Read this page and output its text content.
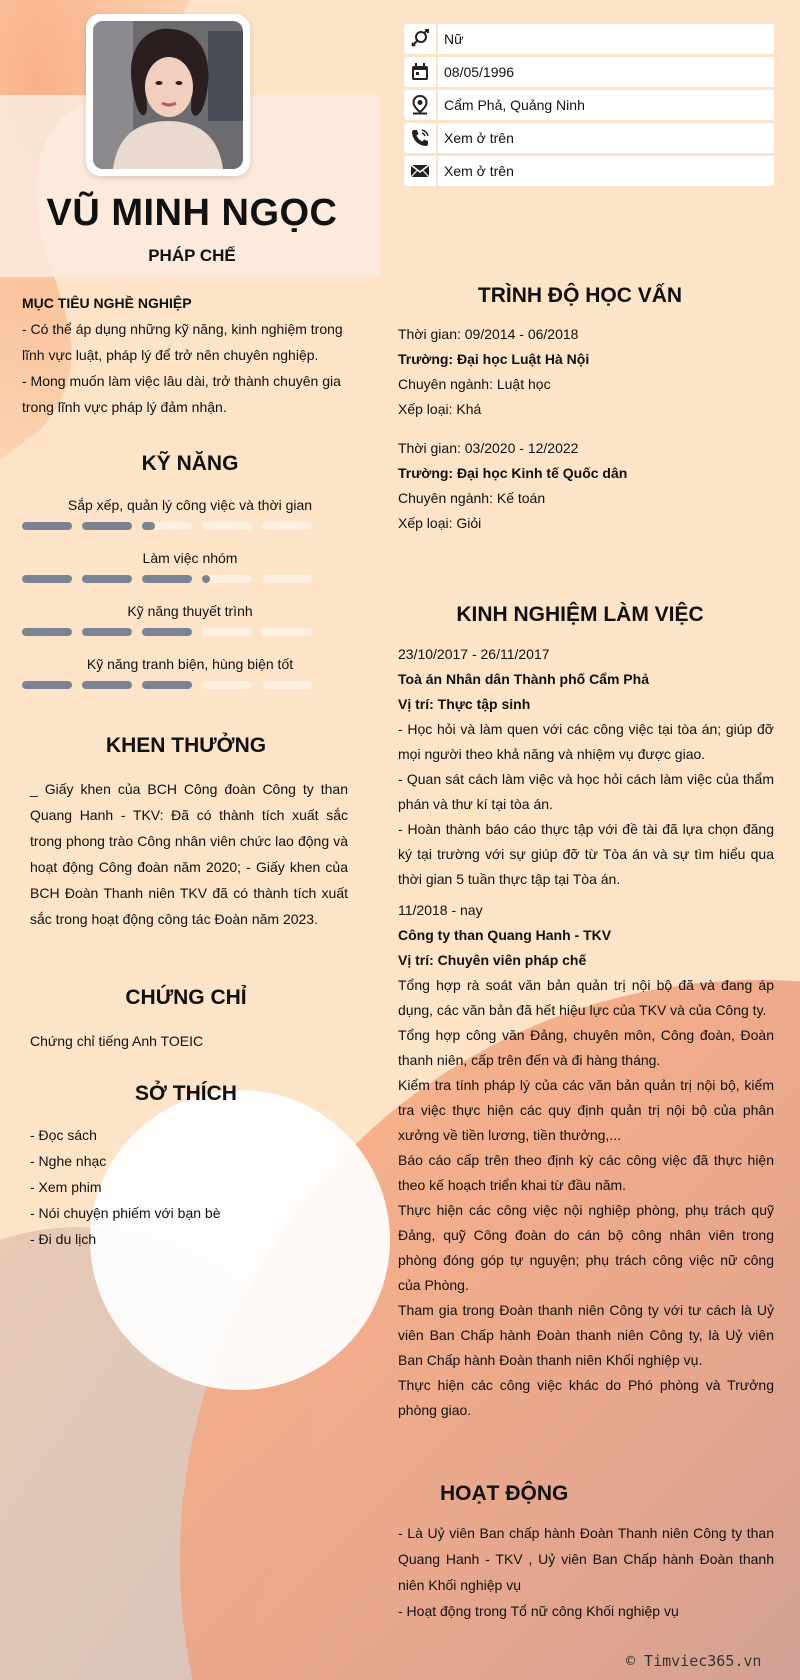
VŨ MINH NGỌC
PHÁP CHẾ
Nữ
08/05/1996
Cẩm Phả, Quảng Ninh
Xem ở trên
Xem ở trên
MỤC TIÊU NGHỀ NGHIỆP
- Có thể áp dụng những kỹ năng, kinh nghiệm trong lĩnh vực luật, pháp lý để trở nên chuyên nghiệp.
- Mong muốn làm việc lâu dài, trở thành chuyên gia trong lĩnh vực pháp lý đảm nhận.
KỸ NĂNG
Sắp xếp, quản lý công việc và thời gian
Làm việc nhóm
Kỹ năng thuyết trình
Kỹ năng tranh biện, hùng biện tốt
KHEN THƯỞNG
_ Giấy khen của BCH Công đoàn Công ty than Quang Hanh - TKV: Đã có thành tích xuất sắc trong phong trào Công nhân viên chức lao động và hoạt động Công đoàn năm 2020; - Giấy khen của BCH Đoàn Thanh niên TKV đã có thành tích xuất sắc trong hoạt động công tác Đoàn năm 2023.
CHỨNG CHỈ
Chứng chỉ tiếng Anh TOEIC
SỞ THÍCH
- Đọc sách
- Nghe nhạc
- Xem phim
- Nói chuyện phiếm với bạn bè
- Đi du lịch
TRÌNH ĐỘ HỌC VẤN
Thời gian: 09/2014 - 06/2018
Trường: Đại học Luật Hà Nội
Chuyên ngành: Luật học
Xếp loại: Khá
Thời gian: 03/2020 - 12/2022
Trường: Đại học Kinh tế Quốc dân
Chuyên ngành: Kế toán
Xếp loại: Giỏi
KINH NGHIỆM LÀM VIỆC
23/10/2017 - 26/11/2017
Toà án Nhân dân Thành phố Cẩm Phả
Vị trí: Thực tập sinh
- Học hỏi và làm quen với các công việc tại tòa án; giúp đỡ mọi người theo khả năng và nhiệm vụ được giao.
- Quan sát cách làm việc và học hỏi cách làm việc của thẩm phán và thư kí tại tòa án.
- Hoàn thành báo cáo thực tập với đề tài đã lựa chọn đăng ký tại trường với sự giúp đỡ từ Tòa án và sự tìm hiểu qua thời gian 5 tuần thực tập tại Tòa án.
11/2018 - nay
Công ty than Quang Hanh - TKV
Vị trí: Chuyên viên pháp chế
Tổng hợp rà soát văn bản quản trị nội bộ đã và đang áp dụng, các văn bản đã hết hiệu lực của TKV và của Công ty.
Tổng hợp công văn Đảng, chuyên môn, Công đoàn, Đoàn thanh niên, cấp trên đến và đi hàng tháng.
Kiểm tra tính pháp lý của các văn bản quản trị nội bộ, kiểm tra việc thực hiện các quy định quản trị nội bộ của phân xưởng về tiền lương, tiền thưởng,...
Báo cáo cấp trên theo định kỳ các công việc đã thực hiện theo kế hoạch triển khai từ đầu năm.
Thực hiện các công việc nội nghiệp phòng, phụ trách quỹ Đảng, quỹ Công đoàn do cán bộ công nhân viên trong phòng đóng góp tự nguyện; phụ trách công việc nữ công của Phòng.
Tham gia trong Đoàn thanh niên Công ty với tư cách là Uỷ viên Ban Chấp hành Đoàn thanh niên Công ty, là Uỷ viên Ban Chấp hành Đoàn thanh niên Khối nghiệp vụ.
Thực hiện các công việc khác do Phó phòng và Trưởng phòng giao.
HOẠT ĐỘNG
- Là Uỷ viên Ban chấp hành Đoàn Thanh niên Công ty than Quang Hanh - TKV , Uỷ viên Ban Chấp hành Đoàn thanh niên Khối nghiệp vụ
- Hoạt động trong Tổ nữ công Khối nghiệp vụ
© Timviec365.vn
